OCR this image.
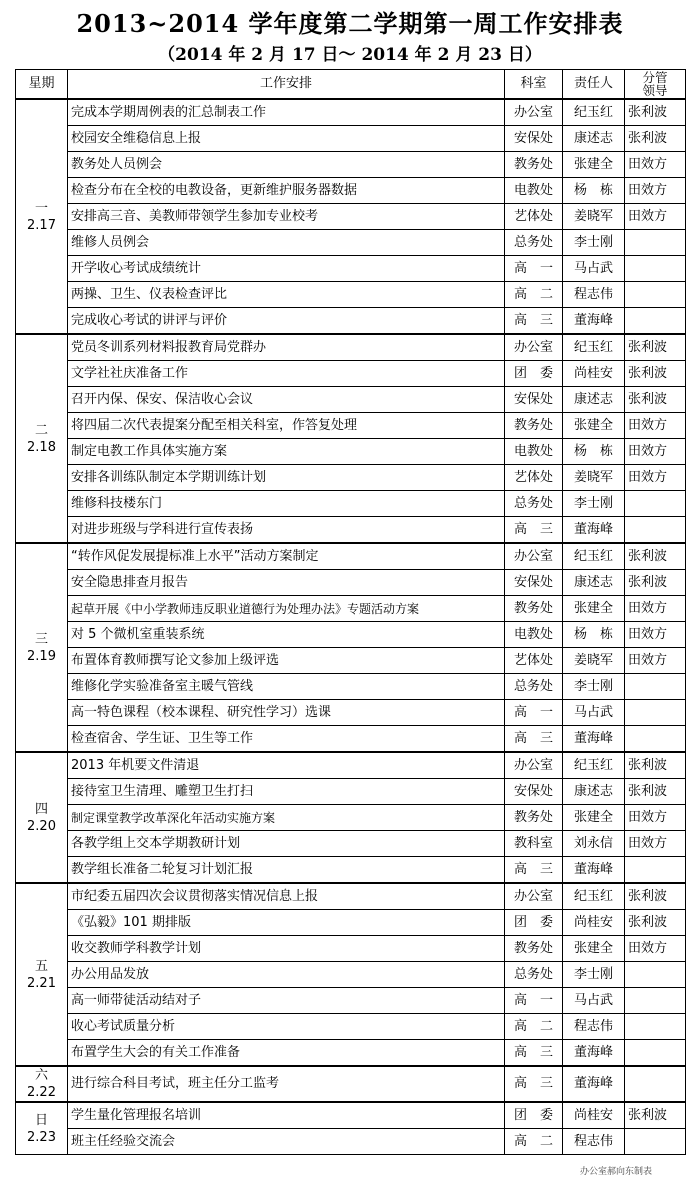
2013~2014 学年度第二学期第一周工作安排表
（2014 年 2 月 17 日～ 2014 年 2 月 23 日）
星期	工作安排	科室	责任人	分管领导

一
2.17	完成本学期周例表的汇总制表工作	办公室	纪玉红	张利波
	校园安全维稳信息上报	安保处	康述志	张利波
	教务处人员例会	教务处	张建全	田效方
	检查分布在全校的电教设备，更新维护服务器数据	电教处	杨　栋	田效方
	安排高三音、美教师带领学生参加专业校考	艺体处	姜晓军	田效方
	维修人员例会	总务处	李士刚	
	开学收心考试成绩统计	高　一	马占武	
	两操、卫生、仪表检查评比	高　二	程志伟	
	完成收心考试的讲评与评价	高　三	董海峰	

二
2.18	党员冬训系列材料报教育局党群办	办公室	纪玉红	张利波
	文学社社庆准备工作	团　委	尚桂安	张利波
	召开内保、保安、保洁收心会议	安保处	康述志	张利波
	将四届二次代表提案分配至相关科室，作答复处理	教务处	张建全	田效方
	制定电教工作具体实施方案	电教处	杨　栋	田效方
	安排各训练队制定本学期训练计划	艺体处	姜晓军	田效方
	维修科技楼东门	总务处	李士刚	
	对进步班级与学科进行宣传表扬	高　三	董海峰	

三
2.19	“转作风促发展提标准上水平”活动方案制定	办公室	纪玉红	张利波
	安全隐患排查月报告	安保处	康述志	张利波
	起草开展《中小学教师违反职业道德行为处理办法》专题活动方案	教务处	张建全	田效方
	对 5 个微机室重装系统	电教处	杨　栋	田效方
	布置体育教师撰写论文参加上级评选	艺体处	姜晓军	田效方
	维修化学实验准备室主暖气管线	总务处	李士刚	
	高一特色课程（校本课程、研究性学习）选课	高　一	马占武	
	检查宿舍、学生证、卫生等工作	高　三	董海峰	

四
2.20	2013 年机要文件清退	办公室	纪玉红	张利波
	接待室卫生清理、雕塑卫生打扫	安保处	康述志	张利波
	制定课堂教学改革深化年活动实施方案	教务处	张建全	田效方
	各教学组上交本学期教研计划	教科室	刘永信	田效方
	教学组长准备二轮复习计划汇报	高　三	董海峰	

五
2.21	市纪委五届四次会议贯彻落实情况信息上报	办公室	纪玉红	张利波
	《弘毅》101 期排版	团　委	尚桂安	张利波
	收交教师学科教学计划	教务处	张建全	田效方
	办公用品发放	总务处	李士刚	
	高一师带徒活动结对子	高　一	马占武	
	收心考试质量分析	高　二	程志伟	
	布置学生大会的有关工作准备	高　三	董海峰	

六
2.22	进行综合科目考试，班主任分工监考	高　三	董海峰	

日
2.23	学生量化管理报名培训	团　委	尚桂安	张利波
	班主任经验交流会	高　二	程志伟	
办公室郝向东制表
